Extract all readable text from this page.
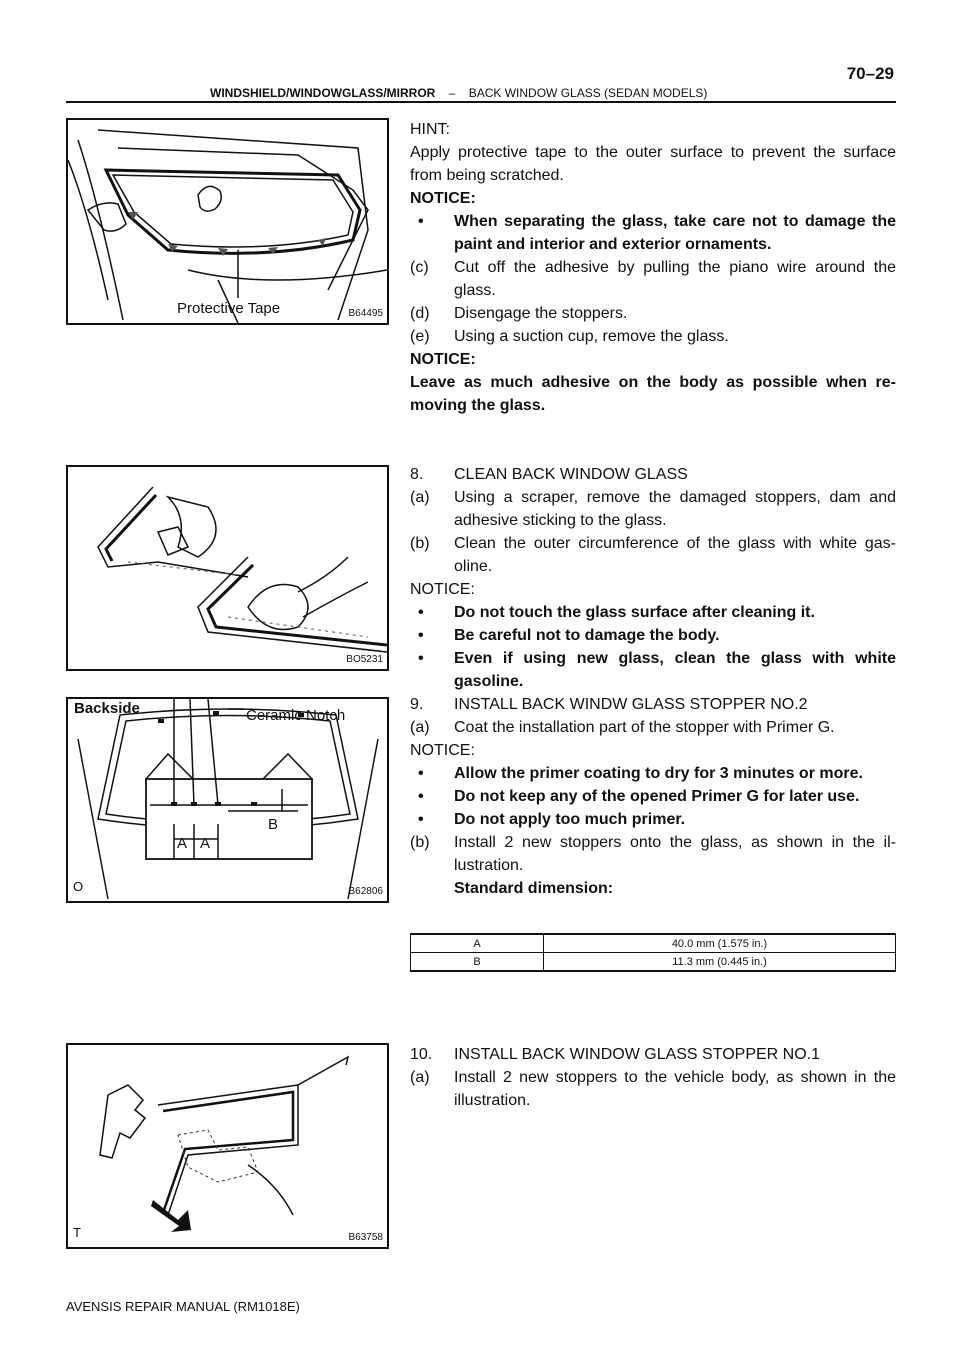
WINDSHIELD/WINDOWGLASS/MIRROR – BACK WINDOW GLASS (SEDAN MODELS)
70–29
Protective Tape	B64495
BO5231
Backside	Ceramic Notch
A A
B
O	B62806
T	B63758

HINT:

Apply protective tape to the outer surface to prevent the surface from being scratched.

NOTICE:

•	When separating the glass, take care not to damage the paint and interior and exterior ornaments.
(c)	Cut off the adhesive by pulling the piano wire around the glass.
(d)	Disengage the stoppers.
(e)	Using a suction cup, remove the glass.

NOTICE:

Leave as much adhesive on the body as possible when re- moving the glass.

8.	CLEAN BACK WINDOW GLASS
(a)	Using a scraper, remove the damaged stoppers, dam and adhesive sticking to the glass.
(b)	Clean the outer circumference of the glass with white gas- oline.

NOTICE:

•	Do not touch the glass surface after cleaning it.
•	Be careful not to damage the body.
•	Even if using new glass, clean the glass with white gasoline.
9.	INSTALL BACK WINDW GLASS STOPPER NO.2
(a)	Coat the installation part of the stopper with Primer G.

NOTICE:

•	Allow the primer coating to dry for 3 minutes or more.
•	Do not keep any of the opened Primer G for later use.
•	Do not apply too much primer.
(b)	Install 2 new stoppers onto the glass, as shown in the il- lustration.
Standard dimension:
A	40.0 mm (1.575 in.)
B	11.3 mm (0.445 in.)
10.	INSTALL BACK WINDOW GLASS STOPPER NO.1
(a)	Install 2 new stoppers to the vehicle body, as shown in the illustration.
AVENSIS REPAIR MANUAL (RM1018E)
